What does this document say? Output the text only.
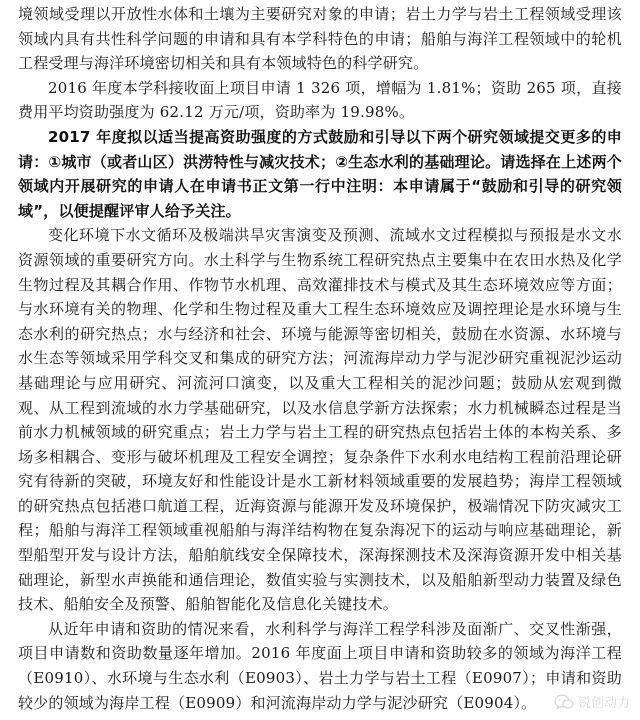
境领域受理以开放性水体和土壤为主要研究对象的申请；岩土力学与岩土工程领域受理该领域内具有共性科学问题的申请和具有本学科特色的申请；船舶与海洋工程领域中的轮机工程受理与海洋环境密切相关和具有本领域特色的科学研究。

2016 年度本学科接收面上项目申请 1 326 项，增幅为 1.81%；资助 265 项，直接费用平均资助强度为 62.12 万元/项，资助率为 19.98%。

2017 年度拟以适当提高资助强度的方式鼓励和引导以下两个研究领域提交更多的申请：①城市（或者山区）洪涝特性与减灾技术；②生态水利的基础理论。请选择在上述两个领域内开展研究的申请人在申请书正文第一行中注明：本申请属于“鼓励和引导的研究领域”，以便提醒评审人给予关注。

变化环境下水文循环及极端洪旱灾害演变及预测、流域水文过程模拟与预报是水文水资源领域的重要研究方向。水土科学与生物系统工程研究热点主要集中在农田水热及化学生物过程及其耦合作用、作物节水机理、高效灌排技术与模式及其生态环境效应等方面；与水环境有关的物理、化学和生物过程及重大工程生态环境效应及调控理论是水环境与生态水利的研究热点；水与经济和社会、环境与能源等密切相关，鼓励在水资源、水环境与水生态等领域采用学科交叉和集成的研究方法；河流海岸动力学与泥沙研究重视泥沙运动基础理论与应用研究、河流河口演变，以及重大工程相关的泥沙问题；鼓励从宏观到微观、从工程到流域的水力学基础研究，以及水信息学新方法探索；水力机械瞬态过程是当前水力机械领域的研究重点；岩土力学与岩土工程的研究热点包括岩土体的本构关系、多场多相耦合、变形与破坏机理及工程安全调控；复杂条件下水利水电结构工程前沿理论研究有待新的突破，环境友好和性能设计是水工新材料领域重要的发展趋势；海岸工程领域的研究热点包括港口航道工程，近海资源与能源开发及环境保护，极端情况下防灾减灾工程；船舶与海洋工程领域重视船舶与海洋结构物在复杂海况下的运动与响应基础理论，新型船型开发与设计方法，船舶航线安全保障技术，深海探测技术及深海资源开发中相关基础理论，新型水声换能和通信理论，数值实验与实测技术，以及船舶新型动力装置及绿色技术、船舶安全及预警、船舶智能化及信息化关键技术。

从近年申请和资助的情况来看，水利科学与海洋工程学科涉及面渐广、交叉性渐强，项目申请数和资助数量逐年增加。2016 年度面上项目申请和资助较多的领域为海洋工程（E0910）、水环境与生态水利（E0903）、岩土力学与岩土工程（E0907）；申请和资助较少的领域为海岸工程（E0909）和河流海岸动力学与泥沙研究（E0904）。	锐创动力
